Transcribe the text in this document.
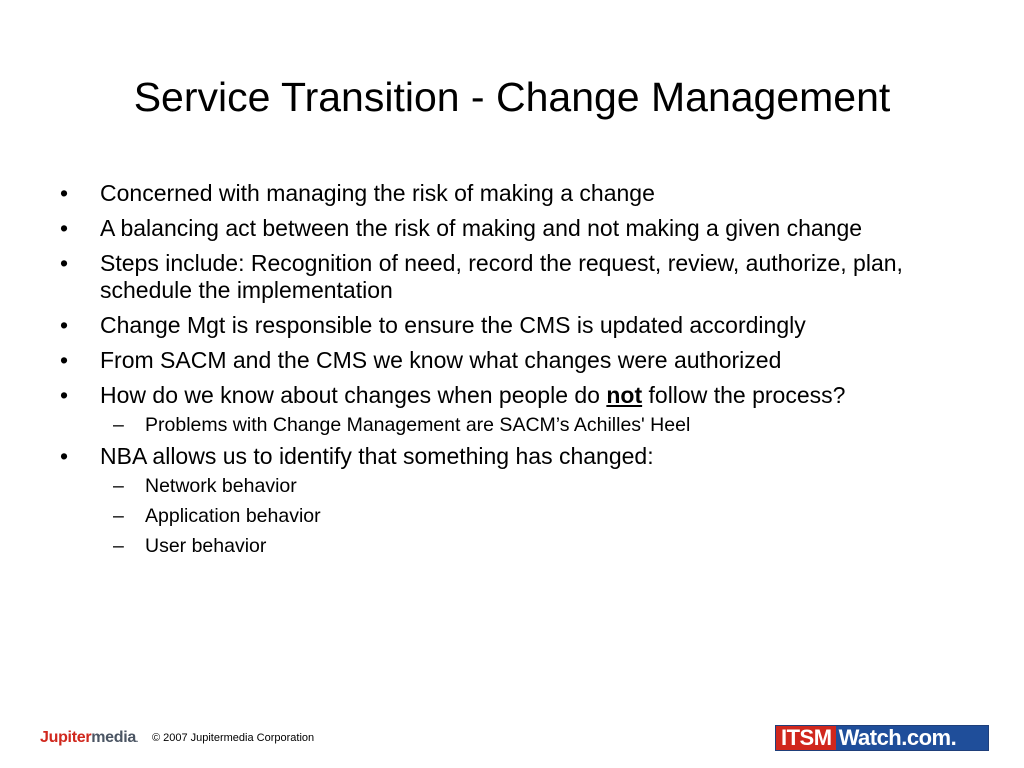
Service Transition - Change Management
• Concerned with managing the risk of making a change
• A balancing act between the risk of making and not making a given change
• Steps include: Recognition of need, record the request, review, authorize, plan, schedule the implementation
• Change Mgt is responsible to ensure the CMS is updated accordingly
• From SACM and the CMS we know what changes were authorized
• How do we know about changes when people do not follow the process?
– Problems with Change Management are SACM’s Achilles' Heel
• NBA allows us to identify that something has changed:
– Network behavior
– Application behavior
– User behavior
Jupitermedia. © 2007 Jupitermedia Corporation	ITSM Watch.com.
